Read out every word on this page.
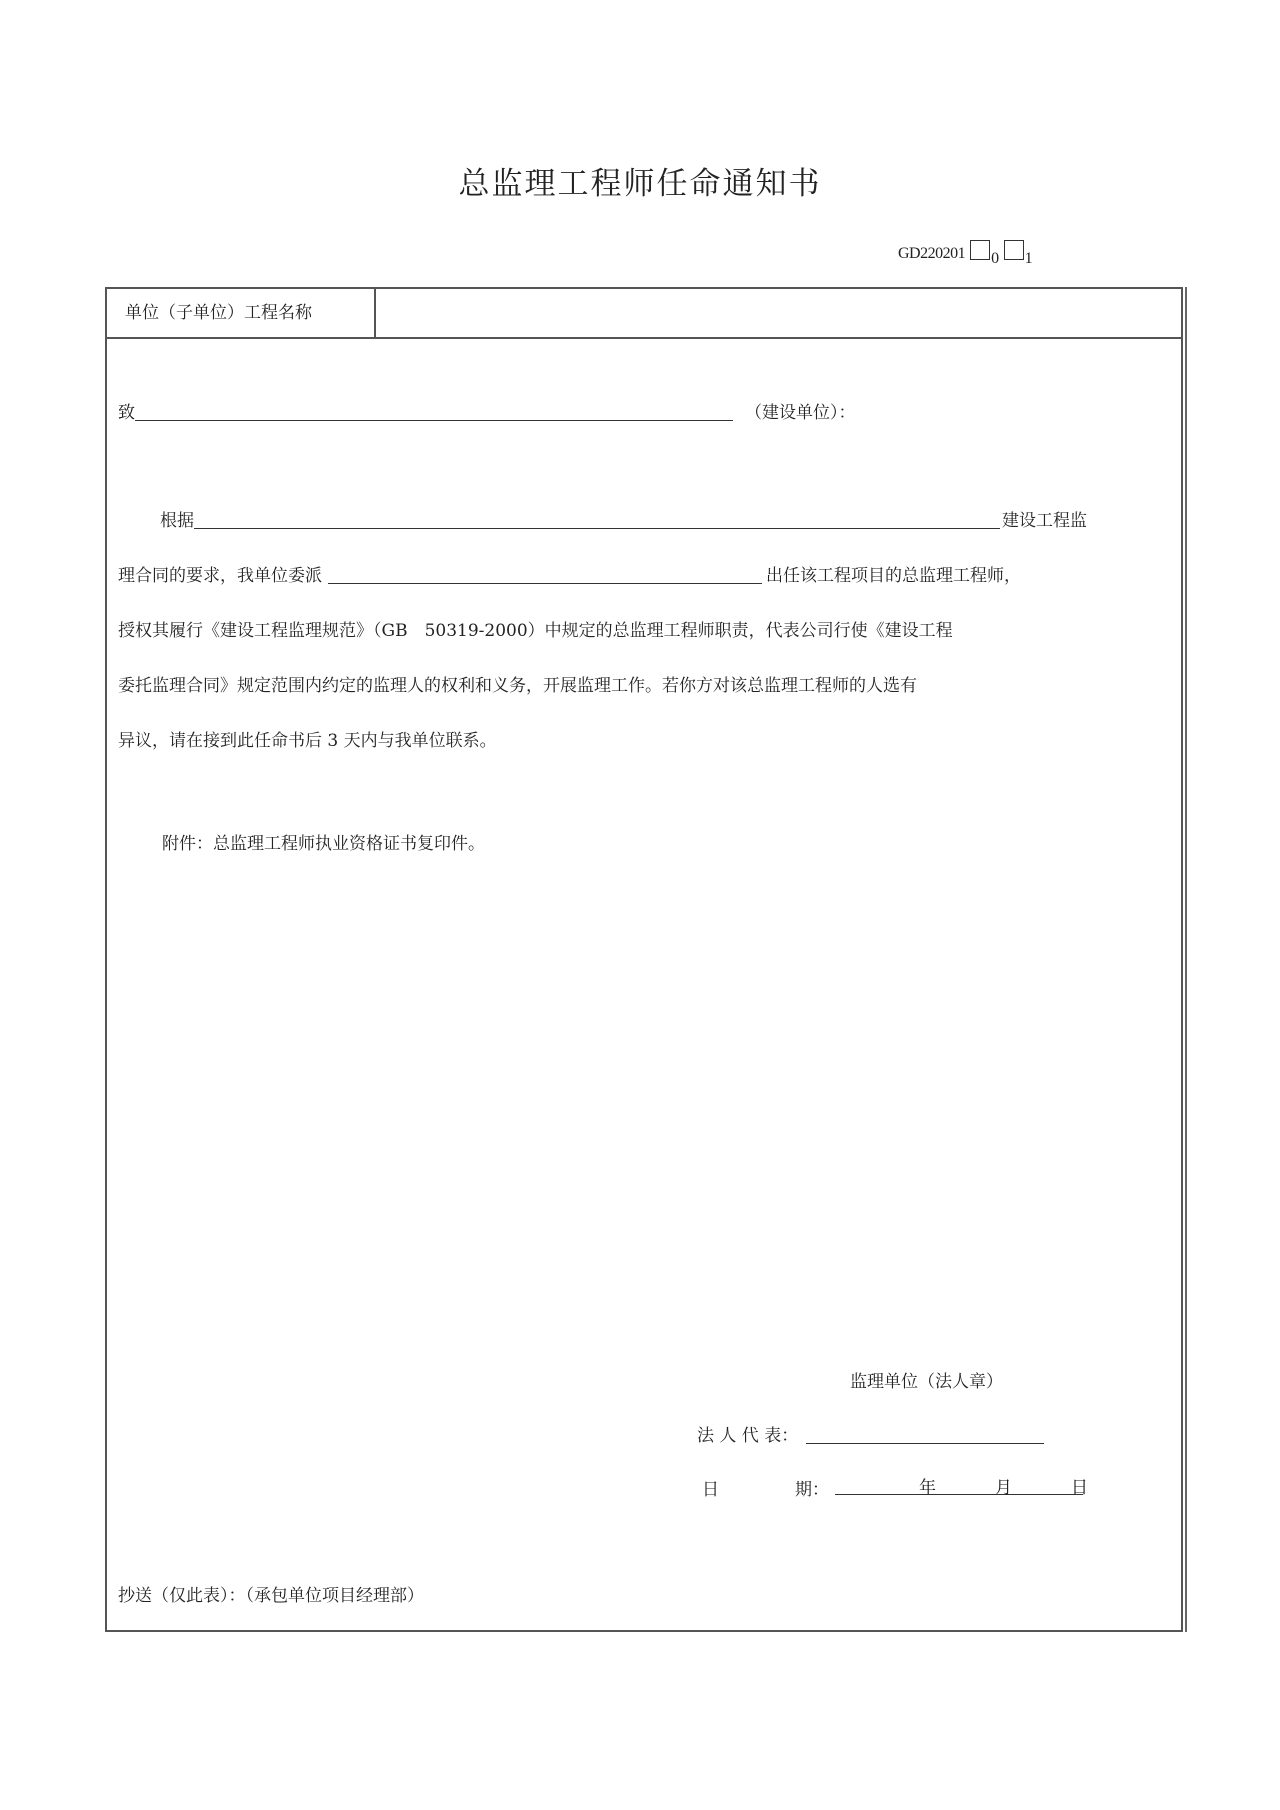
总监理工程师任命通知书
GD220201 0 1
单位（子单位）工程名称
致	（建设单位）：
根据	建设工程监
理合同的要求，我单位委派	出任该工程项目的总监理工程师，
授权其履行《建设工程监理规范》（GB　50319-2000）中规定的总监理工程师职责，代表公司行使《建设工程
委托监理合同》规定范围内约定的监理人的权利和义务，开展监理工作。若你方对该总监理工程师的人选有
异议，请在接到此任命书后 3 天内与我单位联系。
附件：总监理工程师执业资格证书复印件。
监理单位（法人章）
法 人 代 表：
日	期：	年	月	日
抄送（仅此表）：（承包单位项目经理部）
